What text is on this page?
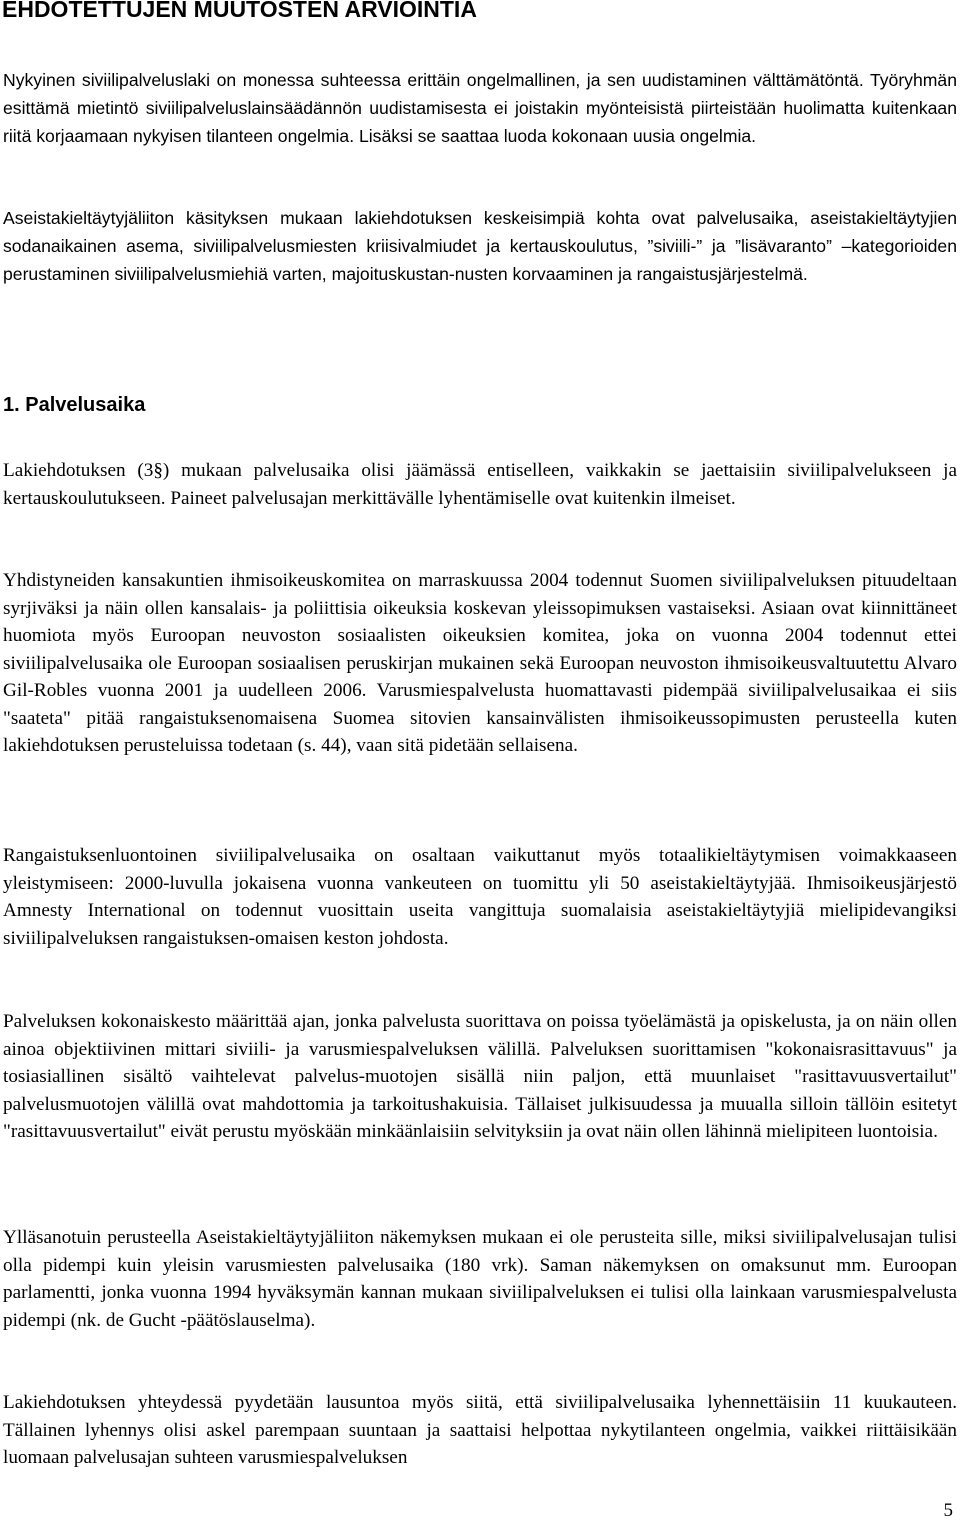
EHDOTETTUJEN MUUTOSTEN ARVIOINTIA

Nykyinen siviilipalveluslaki on monessa suhteessa erittäin ongelmallinen, ja sen uudistaminen välttämätöntä. Työryhmän esittämä mietintö siviilipalveluslainsäädännön uudistamisesta ei joistakin myönteisistä piirteistään huolimatta kuitenkaan riitä korjaamaan nykyisen tilanteen ongelmia. Lisäksi se saattaa luoda kokonaan uusia ongelmia.

Aseistakieltäytyjäliiton käsityksen mukaan lakiehdotuksen keskeisimpiä kohta ovat palvelusaika, aseistakieltäytyjien sodanaikainen asema, siviilipalvelusmiesten kriisivalmiudet ja kertauskoulutus, ”siviili-” ja ”lisävaranto” –kategorioiden perustaminen siviilipalvelusmiehiä varten, majoituskustan-nusten korvaaminen ja rangaistusjärjestelmä.

1. Palvelusaika

Lakiehdotuksen (3§) mukaan palvelusaika olisi jäämässä entiselleen, vaikkakin se jaettaisiin siviilipalvelukseen ja kertauskoulutukseen. Paineet palvelusajan merkittävälle lyhentämiselle ovat kuitenkin ilmeiset.

Yhdistyneiden kansakuntien ihmisoikeuskomitea on marraskuussa 2004 todennut Suomen siviilipalveluksen pituudeltaan syrjiväksi ja näin ollen kansalais- ja poliittisia oikeuksia koskevan yleissopimuksen vastaiseksi. Asiaan ovat kiinnittäneet huomiota myös Euroopan neuvoston sosiaalisten oikeuksien komitea, joka on vuonna 2004 todennut ettei siviilipalvelusaika ole Euroopan sosiaalisen peruskirjan mukainen sekä Euroopan neuvoston ihmisoikeusvaltuutettu Alvaro Gil-Robles vuonna 2001 ja uudelleen 2006. Varusmiespalvelusta huomattavasti pidempää siviilipalvelusaikaa ei siis "saateta" pitää rangaistuksenomaisena Suomea sitovien kansainvälisten ihmisoikeussopimusten perusteella kuten lakiehdotuksen perusteluissa todetaan (s. 44), vaan sitä pidetään sellaisena.

Rangaistuksenluontoinen siviilipalvelusaika on osaltaan vaikuttanut myös totaalikieltäytymisen voimakkaaseen yleistymiseen: 2000-luvulla jokaisena vuonna vankeuteen on tuomittu yli 50 aseistakieltäytyjää. Ihmisoikeusjärjestö Amnesty International on todennut vuosittain useita vangittuja suomalaisia aseistakieltäytyjiä mielipidevangiksi siviilipalveluksen rangaistuksen-omaisen keston johdosta.

Palveluksen kokonaiskesto määrittää ajan, jonka palvelusta suorittava on poissa työelämästä ja opiskelusta, ja on näin ollen ainoa objektiivinen mittari siviili- ja varusmiespalveluksen välillä. Palveluksen suorittamisen "kokonaisrasittavuus" ja tosiasiallinen sisältö vaihtelevat palvelus-muotojen sisällä niin paljon, että muunlaiset "rasittavuusvertailut" palvelusmuotojen välillä ovat mahdottomia ja tarkoitushakuisia. Tällaiset julkisuudessa ja muualla silloin tällöin esitetyt "rasittavuusvertailut" eivät perustu myöskään minkäänlaisiin selvityksiin ja ovat näin ollen lähinnä mielipiteen luontoisia.

Ylläsanotuin perusteella Aseistakieltäytyjäliiton näkemyksen mukaan ei ole perusteita sille, miksi siviilipalvelusajan tulisi olla pidempi kuin yleisin varusmiesten palvelusaika (180 vrk). Saman näkemyksen on omaksunut mm. Euroopan parlamentti, jonka vuonna 1994 hyväksymän kannan mukaan siviilipalveluksen ei tulisi olla lainkaan varusmiespalvelusta pidempi (nk. de Gucht -päätöslauselma).

Lakiehdotuksen yhteydessä pyydetään lausuntoa myös siitä, että siviilipalvelusaika lyhennettäisiin 11 kuukauteen. Tällainen lyhennys olisi askel parempaan suuntaan ja saattaisi helpottaa nykytilanteen ongelmia, vaikkei riittäisikään luomaan palvelusajan suhteen varusmiespalveluksen

5
